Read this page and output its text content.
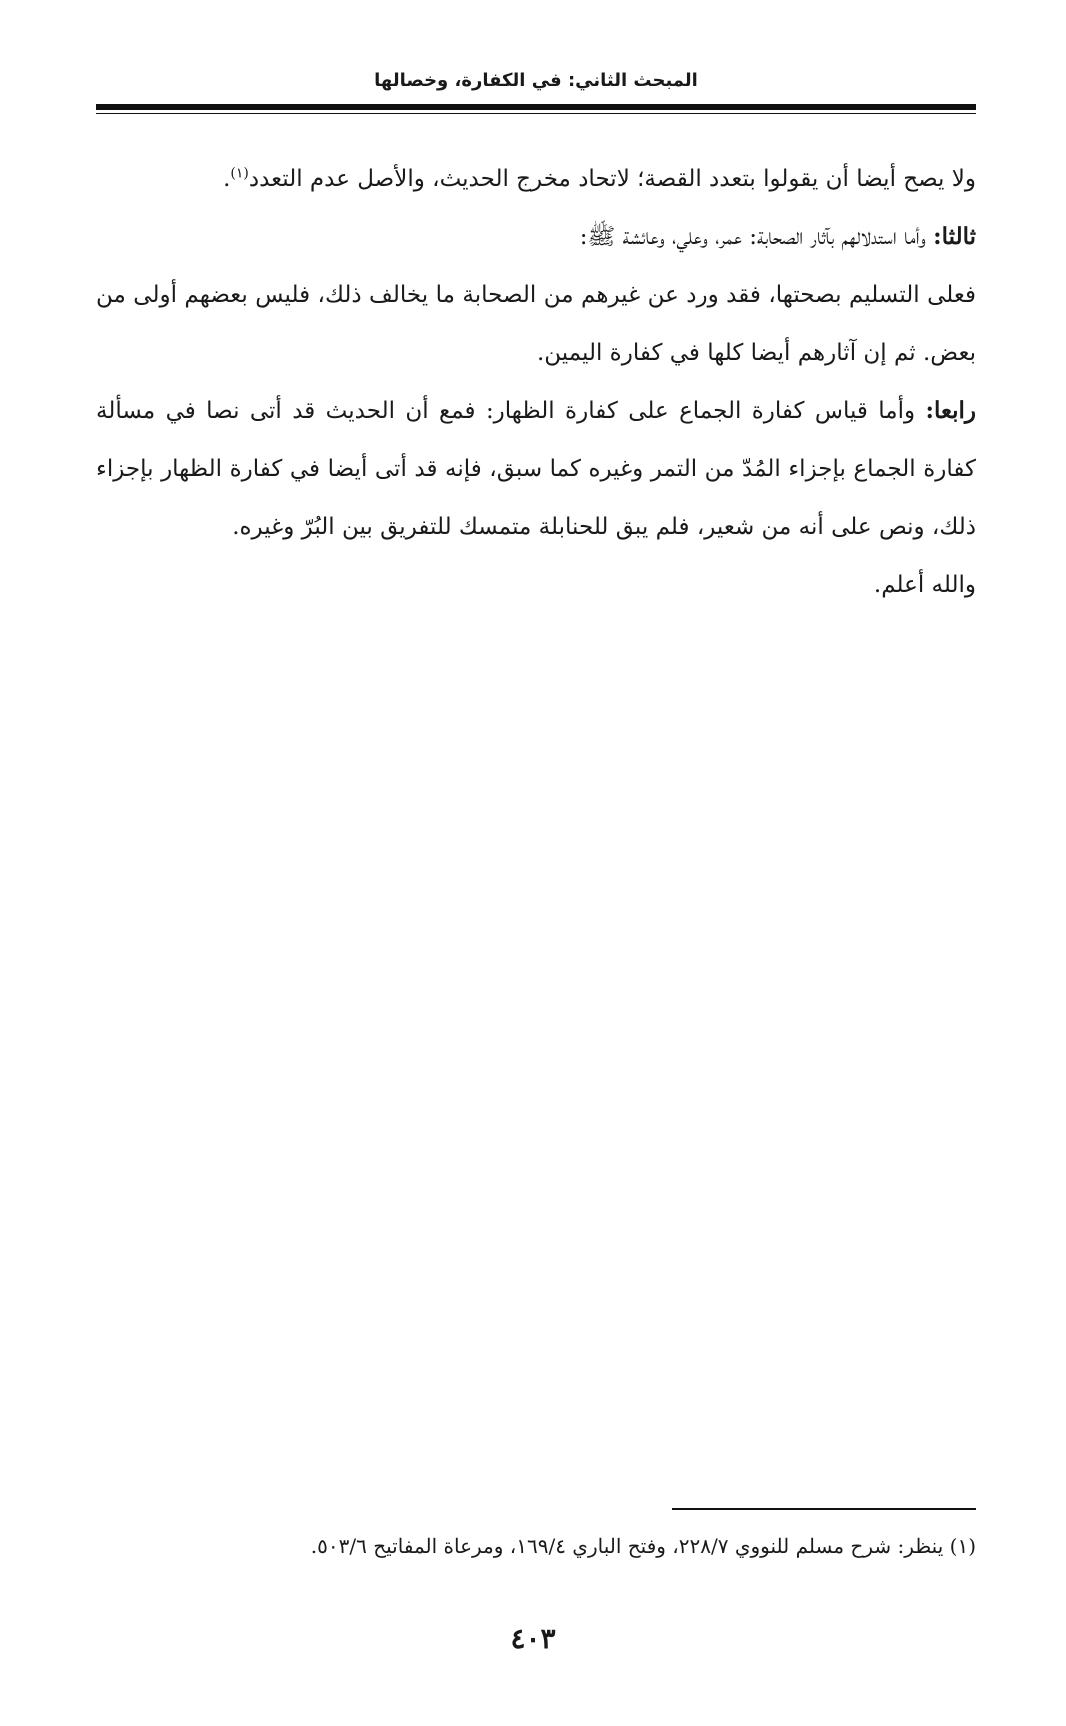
المبحث الثاني: في الكفارة، وخصالها

ولا يصح أيضا أن يقولوا بتعدد القصة؛ لاتحاد مخرج الحديث، والأصل عدم التعدد$^{(١)}$.

ثالثا: وأما استدلالهم بآثار الصحابة: عمر، وعلي، وعائشة ﷺ:

فعلى التسليم بصحتها، فقد ورد عن غيرهم من الصحابة ما يخالف ذلك، فليس بعضهم أولى من بعض. ثم إن آثارهم أيضا كلها في كفارة اليمين.

رابعا: وأما قياس كفارة الجماع على كفارة الظهار: فمع أن الحديث قد أتى نصا في مسألة كفارة الجماع بإجزاء المُدّ من التمر وغيره كما سبق، فإنه قد أتى أيضا في كفارة الظهار بإجزاء ذلك، ونص على أنه من شعير، فلم يبق للحنابلة متمسك للتفريق بين البُرّ وغيره.

والله أعلم.

(١) ينظر: شرح مسلم للنووي ٢٢٨/٧، وفتح الباري ١٦٩/٤، ومرعاة المفاتيح ٥٠٣/٦.
٤٠٣
